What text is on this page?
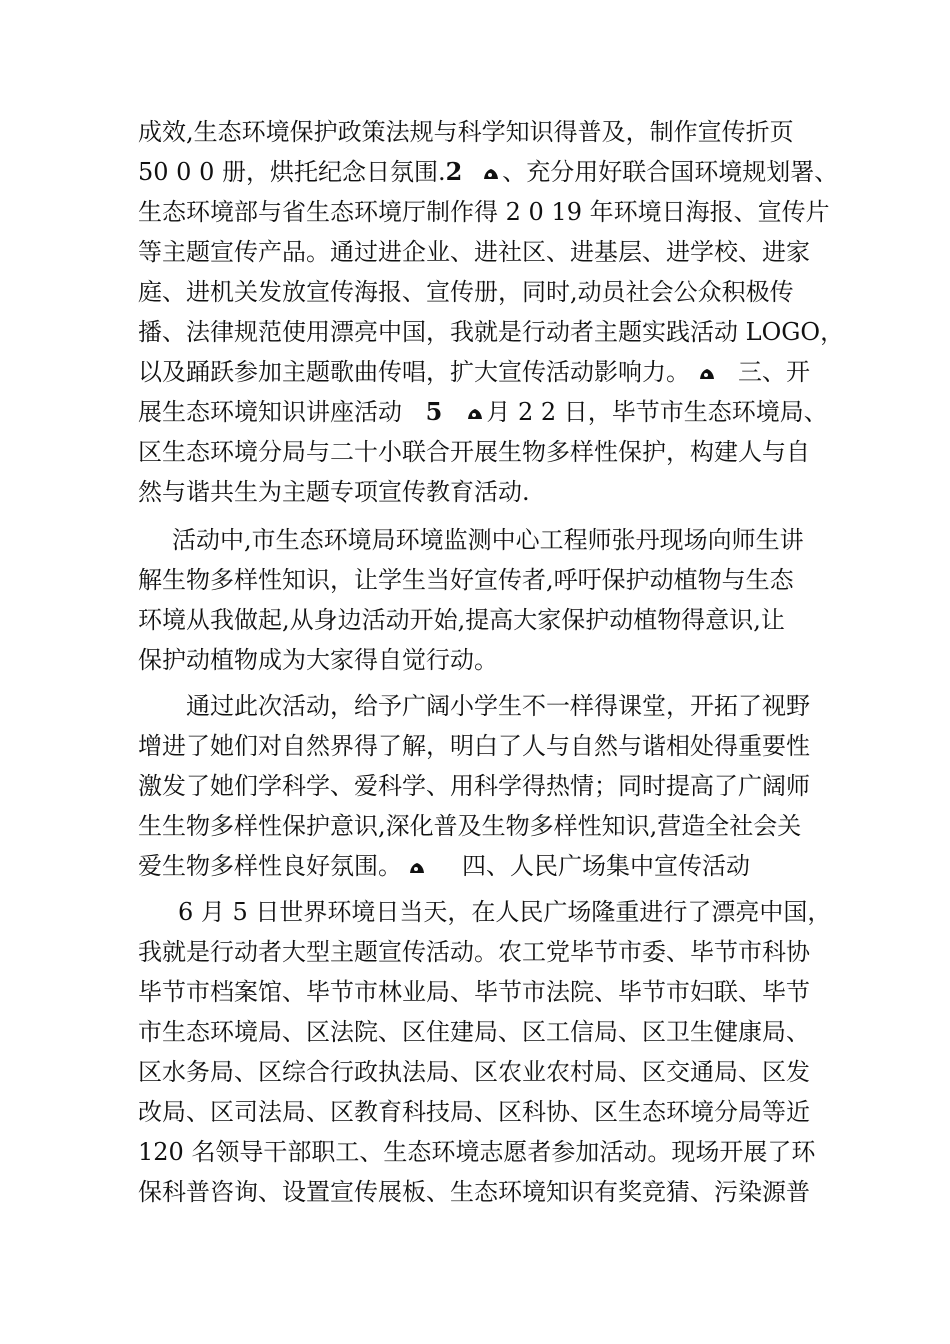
成效,生态环境保护政策法规与科学知识得普及，制作宣传折页
50 0 0 册，烘托纪念日氛围.2 、充分用好联合国环境规划署、
生态环境部与省生态环境厅制作得 2 0 19 年环境日海报、宣传片
等主题宣传产品。通过进企业、进社区、进基层、进学校、进家
庭、进机关发放宣传海报、宣传册，同时,动员社会公众积极传
播、法律规范使用漂亮中国，我就是行动者主题实践活动 LOGO，
以及踊跃参加主题歌曲传唱，扩大宣传活动影响力。 三、开
展生态环境知识讲座活动 5 月 2 2 日，毕节市生态环境局、
区生态环境分局与二十小联合开展生物多样性保护，构建人与自
然与谐共生为主题专项宣传教育活动.
活动中,市生态环境局环境监测中心工程师张丹现场向师生讲
解生物多样性知识，让学生当好宣传者,呼吁保护动植物与生态
环境从我做起,从身边活动开始,提高大家保护动植物得意识,让
保护动植物成为大家得自觉行动。
通过此次活动，给予广阔小学生不一样得课堂，开拓了视野
增进了她们对自然界得了解，明白了人与自然与谐相处得重要性
激发了她们学科学、爱科学、用科学得热情；同时提高了广阔师
生生物多样性保护意识,深化普及生物多样性知识,营造全社会关
爱生物多样性良好氛围。	四、人民广场集中宣传活动
6 月 5 日世界环境日当天，在人民广场隆重进行了漂亮中国，
我就是行动者大型主题宣传活动。农工党毕节市委、毕节市科协
毕节市档案馆、毕节市林业局、毕节市法院、毕节市妇联、毕节
市生态环境局、区法院、区住建局、区工信局、区卫生健康局、
区水务局、区综合行政执法局、区农业农村局、区交通局、区发
改局、区司法局、区教育科技局、区科协、区生态环境分局等近
120 名领导干部职工、生态环境志愿者参加活动。现场开展了环
保科普咨询、设置宣传展板、生态环境知识有奖竞猜、污染源普
